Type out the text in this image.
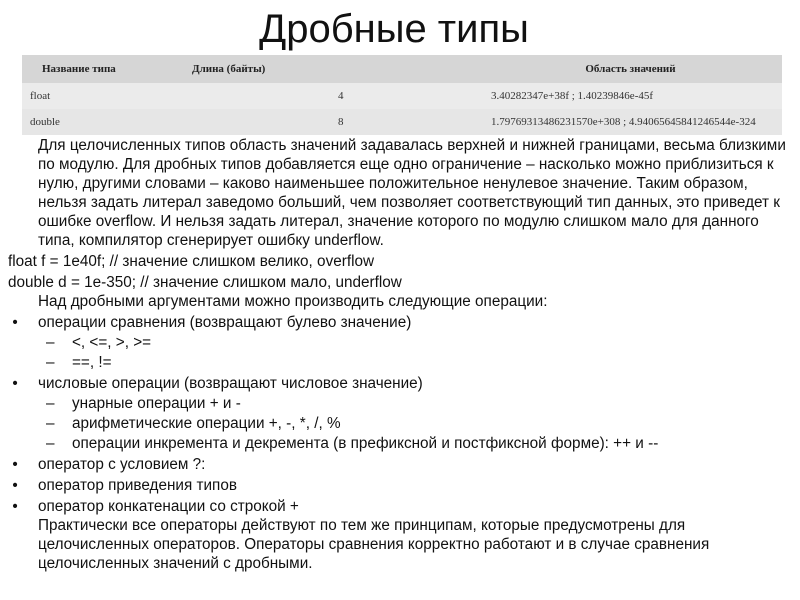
Дробные типы
Название типа	Длина (байты)	Область значений
float	4	3.40282347e+38f ; 1.40239846e-45f
double	8	1.79769313486231570e+308 ; 4.94065645841246544e-324

Для целочисленных типов область значений задавалась верхней и нижней границами, весьма близкими по модулю. Для дробных типов добавляется еще одно ограничение – насколько можно приблизиться к нулю, другими словами – каково наименьшее положительное ненулевое значение. Таким образом, нельзя задать литерал заведомо больший, чем позволяет соответствующий тип данных, это приведет к ошибке overflow. И нельзя задать литерал, значение которого по модулю слишком мало для данного типа, компилятор сгенерирует ошибку underflow.

float f = 1e40f; // значение слишком велико, overflow

double d = 1e-350; // значение слишком мало, underflow

Над дробными аргументами можно производить следующие операции:

• операции сравнения (возвращают булево значение)
– <, <=, >, >=
– ==, !=
• числовые операции (возвращают числовое значение)
– унарные операции + и -
– арифметические операции +, -, *, /, %
– операции инкремента и декремента (в префиксной и постфиксной форме): ++ и --
• оператор с условием ?:
• оператор приведения типов
• оператор конкатенации со строкой +

Практически все операторы действуют по тем же принципам, которые предусмотрены для целочисленных операторов. Операторы сравнения корректно работают и в случае сравнения целочисленных значений с дробными.
